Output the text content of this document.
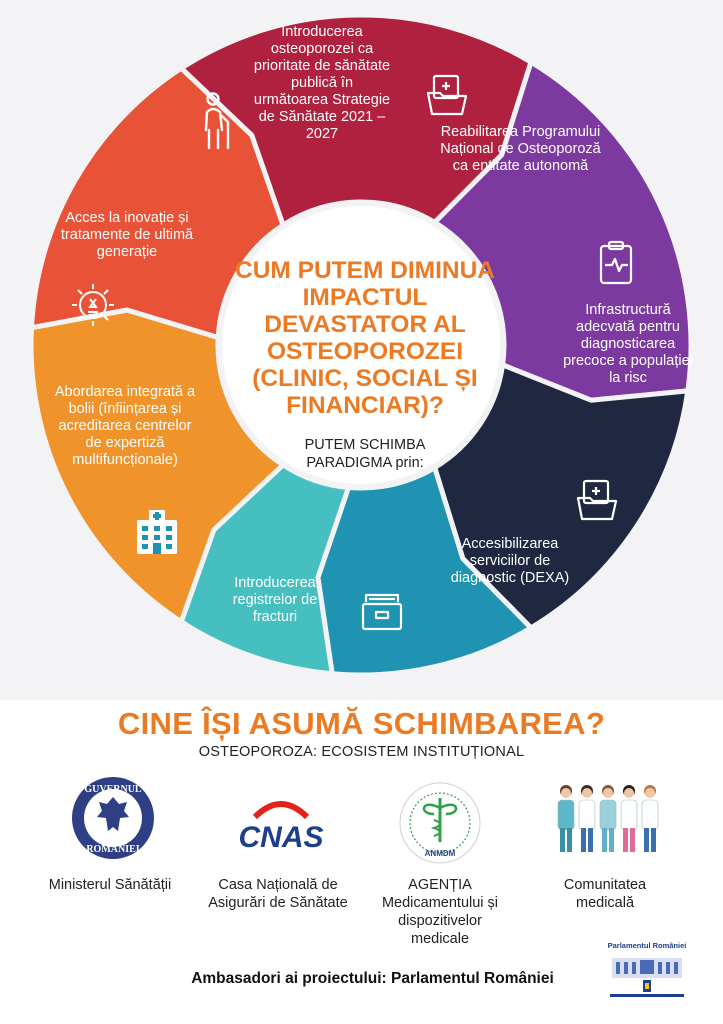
Introducerea osteoporozei ca prioritate de sănătate publică în următoarea Strategie de Sănătate 2021 – 2027	Reabilitarea Programului Național de Osteoporoză ca entitate autonomă
Infrastructură adecvată pentru diagnosticarea precoce a populației la risc
Accesibilizarea serviciilor de diagnostic (DEXA)
Introducerea registrelor de fracturi
Abordarea integrată a bolii (înființarea și acreditarea centrelor de expertiză multifuncționale)
Acces la inovație și tratamente de ultimă generație
CUM PUTEM DIMINUA IMPACTUL DEVASTATOR AL OSTEOPOROZEI (CLINIC, SOCIAL ȘI FINANCIAR)?
PUTEM SCHIMBA PARADIGMA prin:
CINE ÎȘI ASUMĂ SCHIMBAREA?
OSTEOPOROZA: ECOSISTEM INSTITUȚIONAL
GUVERNUL
ROMÂNIEI	CNAS	ANMDM
Ministerul Sănătății	Casa Națională de Asigurări de Sănătate
AGENȚIA Medicamentului și dispozitivelor medicale
Comunitatea medicală
Ambasadori ai proiectului: Parlamentul României
Parlamentul României
